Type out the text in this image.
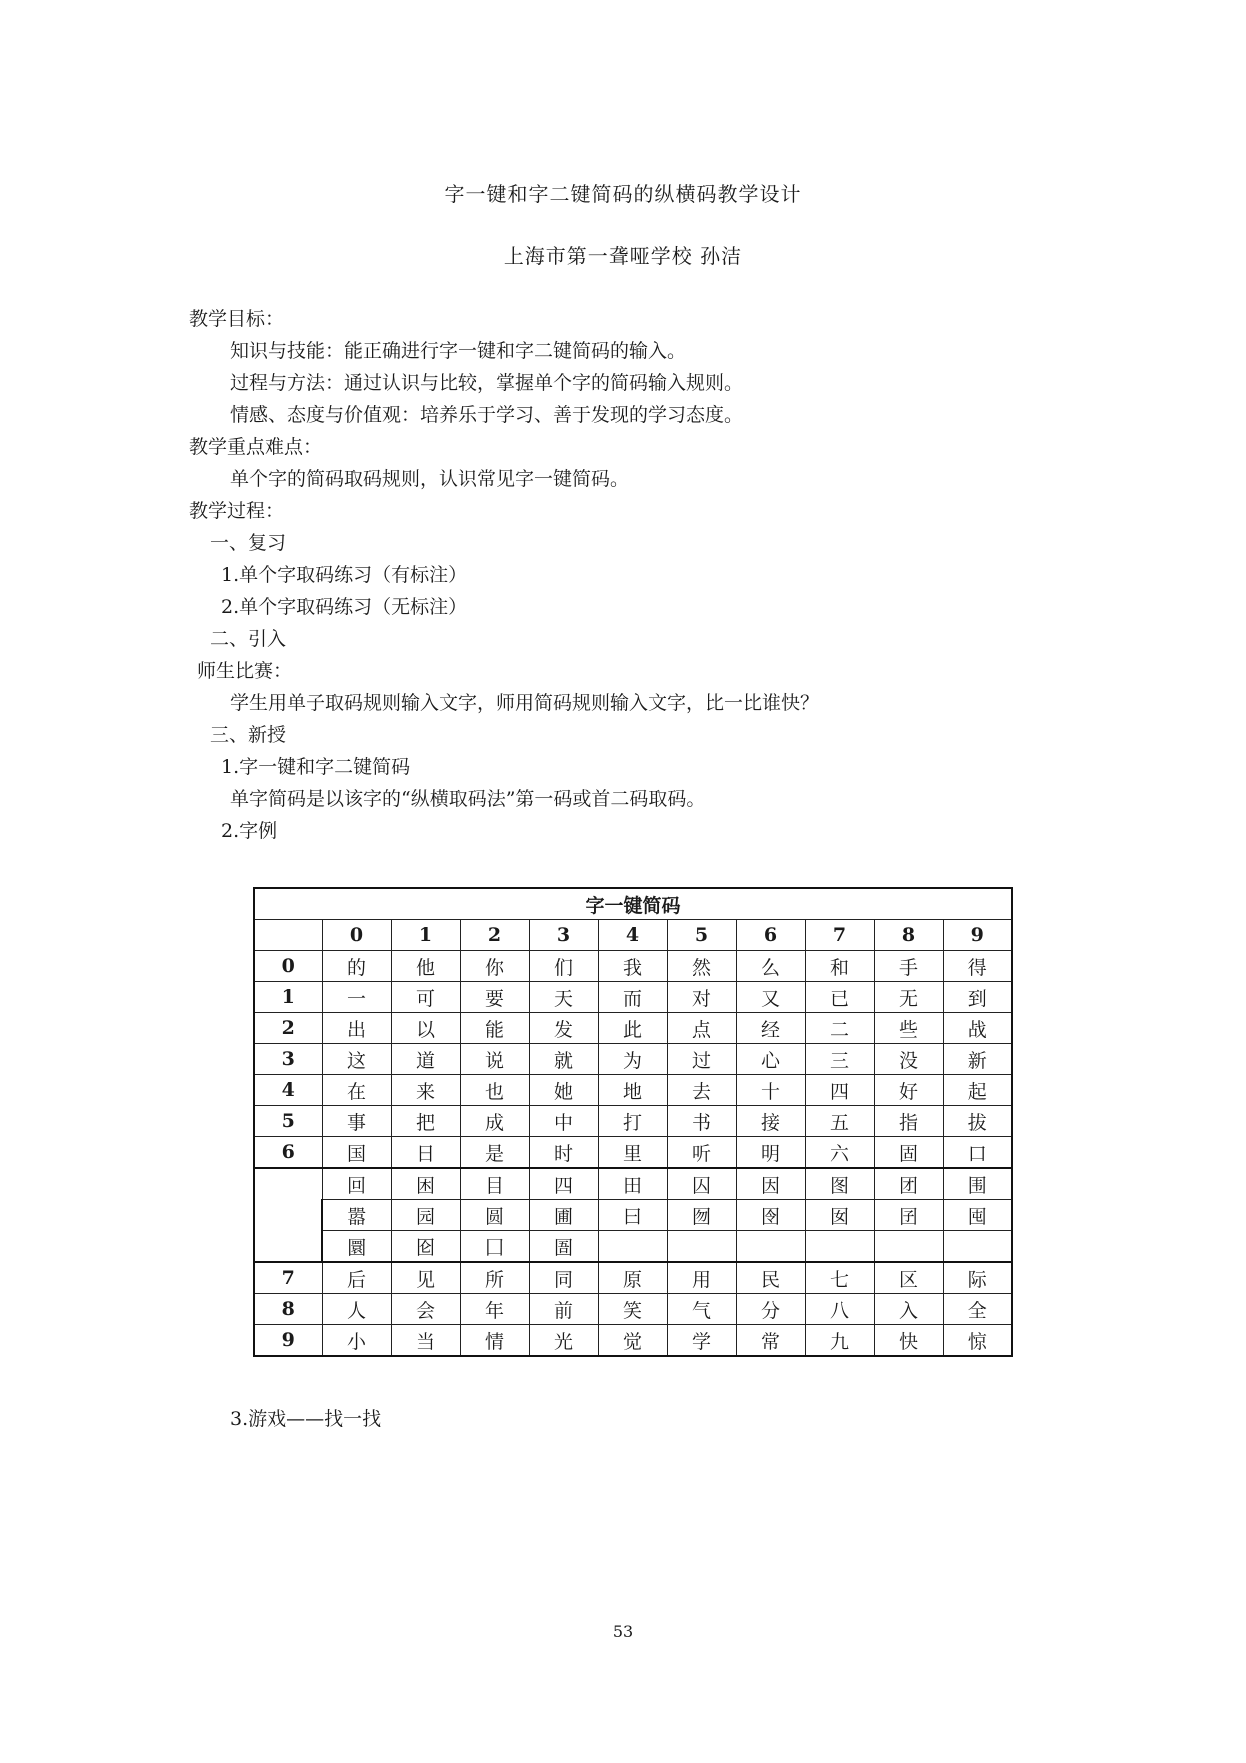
字一键和字二键简码的纵横码教学设计
上海市第一聋哑学校 孙洁
教学目标：
知识与技能：能正确进行字一键和字二键简码的输入。
过程与方法：通过认识与比较，掌握单个字的简码输入规则。
情感、态度与价值观：培养乐于学习、善于发现的学习态度。
教学重点难点：
单个字的简码取码规则，认识常见字一键简码。
教学过程：
一、复习
1.单个字取码练习（有标注）
2.单个字取码练习（无标注）
二、引入
师生比赛：
学生用单子取码规则输入文字，师用简码规则输入文字，比一比谁快？
三、新授
1.字一键和字二键简码
单字简码是以该字的“纵横取码法”第一码或首二码取码。
2.字例
字一键简码										
	0	1	2	3	4	5	6	7	8	9
0	的	他	你	们	我	然	么	和	手	得
1	一	可	要	天	而	对	又	已	无	到
2	出	以	能	发	此	点	经	二	些	战
3	这	道	说	就	为	过	心	三	没	新
4	在	来	也	她	地	去	十	四	好	起
5	事	把	成	中	打	书	接	五	指	拔
6	国	日	是	时	里	听	明	六	固	口
	回	困	目	四	田	囚	因	图	团	围
	嚣	园	圆	圃	曰	囫	囹	囡	囝	囤
	圜	囵	囗	圄						
7	后	见	所	同	原	用	民	七	区	际
8	人	会	年	前	笑	气	分	八	入	全
9	小	当	情	光	觉	学	常	九	快	惊
3.游戏——找一找
53
